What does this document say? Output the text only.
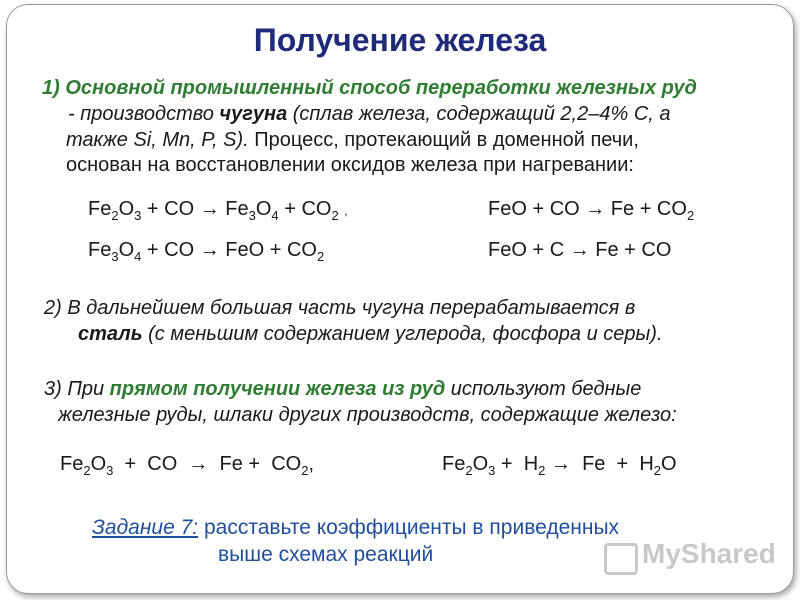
Получение железа
1) Основной промышленный способ переработки железных руд
- производство чугуна (сплав железа, содержащий 2,2–4% С, а
также Si, Mn, P, S). Процесс, протекающий в доменной печи,
основан на восстановлении оксидов железа при нагревании:
$Fe_2O_3$ + CO → $Fe_3O_4 + CO_2$ ,	FeO + CO → $Fe + CO_2$
$Fe_3O_4$ + CO → FeO + $CO_2$	FeO + C → Fe + CO
2) В дальнейшем большая часть чугуна перерабатывается в
сталь (с меньшим содержанием углерода, фосфора и серы).
3) При прямом получении железа из руд используют бедные
железные руды, шлаки других производств, содержащие железо:
$Fe_2O_3$  +  CO  →  $Fe + CO_2$,	$Fe_2O_3 + H_2 \to Fe + H_2O$
Задание 7: расставьте коэффициенты в приведенных
выше схемах реакций	MyShared
